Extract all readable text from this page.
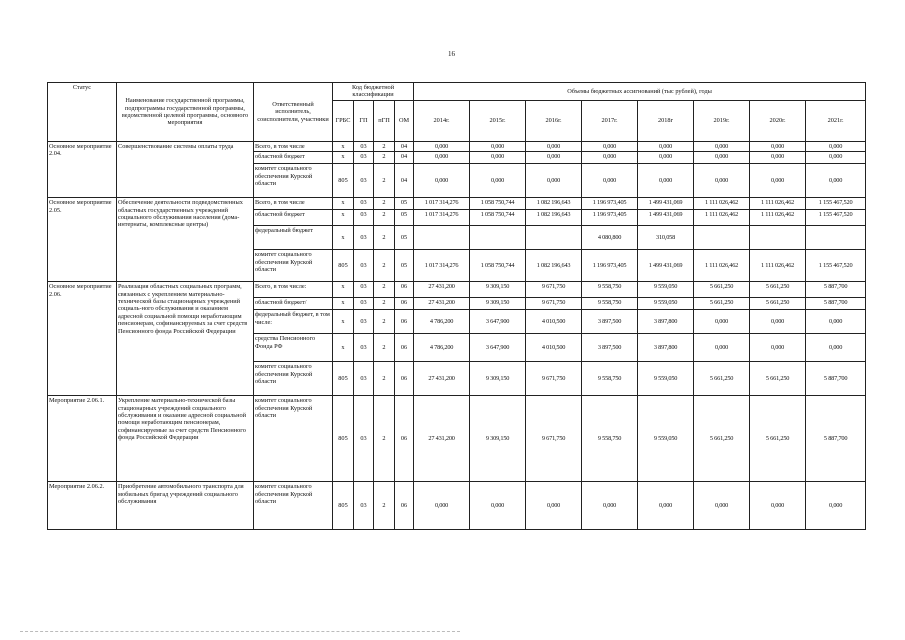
16
Статус	Наименование государственной программы, подпрограммы государственной программы, ведомственной целевой программы, основного мероприятия	Ответственный исполнитель, соисполнители, участники	Код бюджетной классификации				Объемы бюджетных ассигнований (тыс рублей), годы							
			ГРБС	ГП	пГП	ОМ	2014г.	2015г.	2016г.	2017г.	2018г	2019г.	2020г.	2021г.
Основное мероприятие 2.04.	Совершенствование системы оплаты труда	Всего, в том числе	x	03	2	04	0,000	0,000	0,000	0,000	0,000	0,000	0,000	0,000
		областной бюджет	x	03	2	04	0,000	0,000	0,000	0,000	0,000	0,000	0,000	0,000
		комитет социального обеспечения Курской области	805	03	2	04	0,000	0,000	0,000	0,000	0,000	0,000	0,000	0,000
Основное мероприятие 2.05.	Обеспечение деятельности подведомственных областных государственных учреждений социального обслуживания населения (дома-интернаты, комплексные центры)	Всего, в том числе	x	03	2	05	1 017 314,276	1 058 750,744	1 082 196,643	1 196 973,405	1 499 431,069	1 111 026,462	1 111 026,462	1 155 467,520
		областной бюджет	x	03	2	05	1 017 314,276	1 058 750,744	1 082 196,643	1 196 973,405	1 499 431,069	1 111 026,462	1 111 026,462	1 155 467,520
		федеральный бюджет	x	03	2	05				4 080,800	310,058			
		комитет социального обеспечения Курской области	805	03	2	05	1 017 314,276	1 058 750,744	1 082 196,643	1 196 973,405	1 499 431,069	1 111 026,462	1 111 026,462	1 155 467,520
Основное мероприятие 2.06.	Реализация областных социальных программ, связанных с укреплением материально-технической базы стационарных учреждений социаль-ного обслуживания и оказанием адресной социальной помощи неработающим пенсионерам, софинансируемых за счет средств Пенсионного фонда Российской Федерации	Всего, в том числе:	x	03	2	06	27 431,200	9 309,150	9 671,750	9 558,750	9 559,050	5 661,250	5 661,250	5 887,700
		областной бюджет/	x	03	2	06	27 431,200	9 309,150	9 671,750	9 558,750	9 559,050	5 661,250	5 661,250	5 887,700
		федеральный бюджет, в том числе:	x	03	2	06	4 786,200	3 647,900	4 010,500	3 897,500	3 897,800	0,000	0,000	0,000
		средства Пенсионного Фонда РФ	x	03	2	06	4 786,200	3 647,900	4 010,500	3 897,500	3 897,800	0,000	0,000	0,000
		комитет социального обеспечения Курской области	805	03	2	06	27 431,200	9 309,150	9 671,750	9 558,750	9 559,050	5 661,250	5 661,250	5 887,700
Мероприятие 2.06.1.	Укрепление материально-технической базы стационарных учреждений социального обслуживания и оказание адресной социальной помощи неработающим пенсионерам, софинансируемые за счет средств Пенсионного фонда Российской Федерации	комитет социального обеспечения Курской области	805	03	2	06	27 431,200	9 309,150	9 671,750	9 558,750	9 559,050	5 661,250	5 661,250	5 887,700
Мероприятие 2.06.2.	Приобретение автомобильного транспорта для мобильных бригад учреждений социального обслуживания	комитет социального обеспечения Курской области	805	03	2	06	0,000	0,000	0,000	0,000	0,000	0,000	0,000	0,000
